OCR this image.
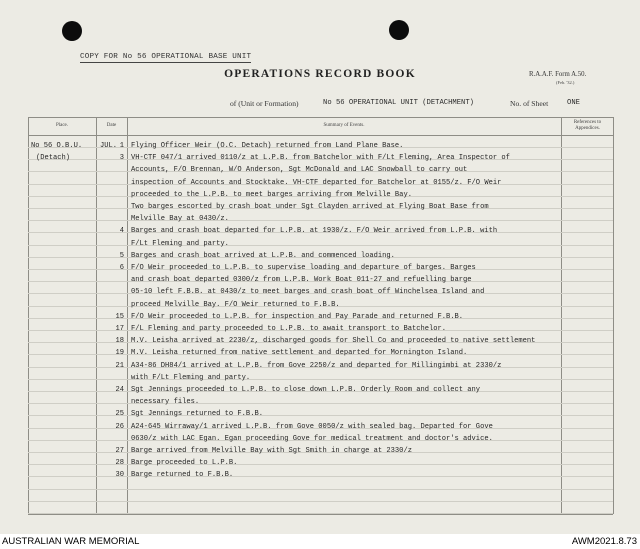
COPY FOR No 56 OPERATIONAL BASE UNIT
OPERATIONS RECORD BOOK	R.A.A.F. Form A.50.
(Feb. '32.)
of (Unit or Formation)	No 56 OPERATIONAL UNIT (DETACHMENT)	No. of Sheet	ONE
Place.	Date	Summary of Events.
References to Appendices.
No 56 O.B.U.
(Detach)
JUL. 1 Flying Officer Weir (O.C. Detach) returned from Land Plane Base.
3 VH-CTF 047/1 arrived 0110/z at L.P.B. from Batchelor with F/Lt Fleming, Area Inspector of
Accounts, F/O Brennan, W/O Anderson, Sgt McDonald and LAC Snowball to carry out
inspection of Accounts and Stocktake. VH-CTF departed for Batchelor at 0155/z. F/O Weir
proceeded to the L.P.B. to meet barges arriving from Melville Bay.
Two barges escorted by crash boat under Sgt Clayden arrived at Flying Boat Base from
Melville Bay at 0430/z.
4 Barges and crash boat departed for L.P.B. at 1930/z. F/O Weir arrived from L.P.B. with
F/Lt Fleming and party.
5 Barges and crash boat arrived at L.P.B. and commenced loading.
6 F/O Weir proceeded to L.P.B. to supervise loading and departure of barges. Barges
and crash boat departed 0300/z from L.P.B. Work Boat 011-27 and refuelling barge
05-10 left F.B.B. at 0430/z to meet barges and crash boat off Winchelsea Island and
proceed Melville Bay. F/O Weir returned to F.B.B.
15 F/O Weir proceeded to L.P.B. for inspection and Pay Parade and returned F.B.B.
17 F/L Fleming and party proceeded to L.P.B. to await transport to Batchelor.
18 M.V. Leisha arrived at 2230/z, discharged goods for Shell Co and proceeded to native settlement
19 M.V. Leisha returned from native settlement and departed for Mornington Island.
21 A34-86 DH84/1 arrived at L.P.B. from Gove 2250/z and departed for Millingimbi at 2330/z
with F/Lt Fleming and party.
24 Sgt Jennings proceeded to L.P.B. to close down L.P.B. Orderly Room and collect any
necessary files.
25 Sgt Jennings returned to F.B.B.
26 A24-645 Wirraway/1 arrived L.P.B. from Gove 0050/z with sealed bag. Departed for Gove
0630/z with LAC Egan. Egan proceeding Gove for medical treatment and doctor's advice.
27 Barge arrived from Melville Bay with Sgt Smith in charge at 2330/z
28 Barge proceeded to L.P.B.
30 Barge returned to F.B.B.
AUSTRALIAN WAR MEMORIAL	AWM2021.8.73
